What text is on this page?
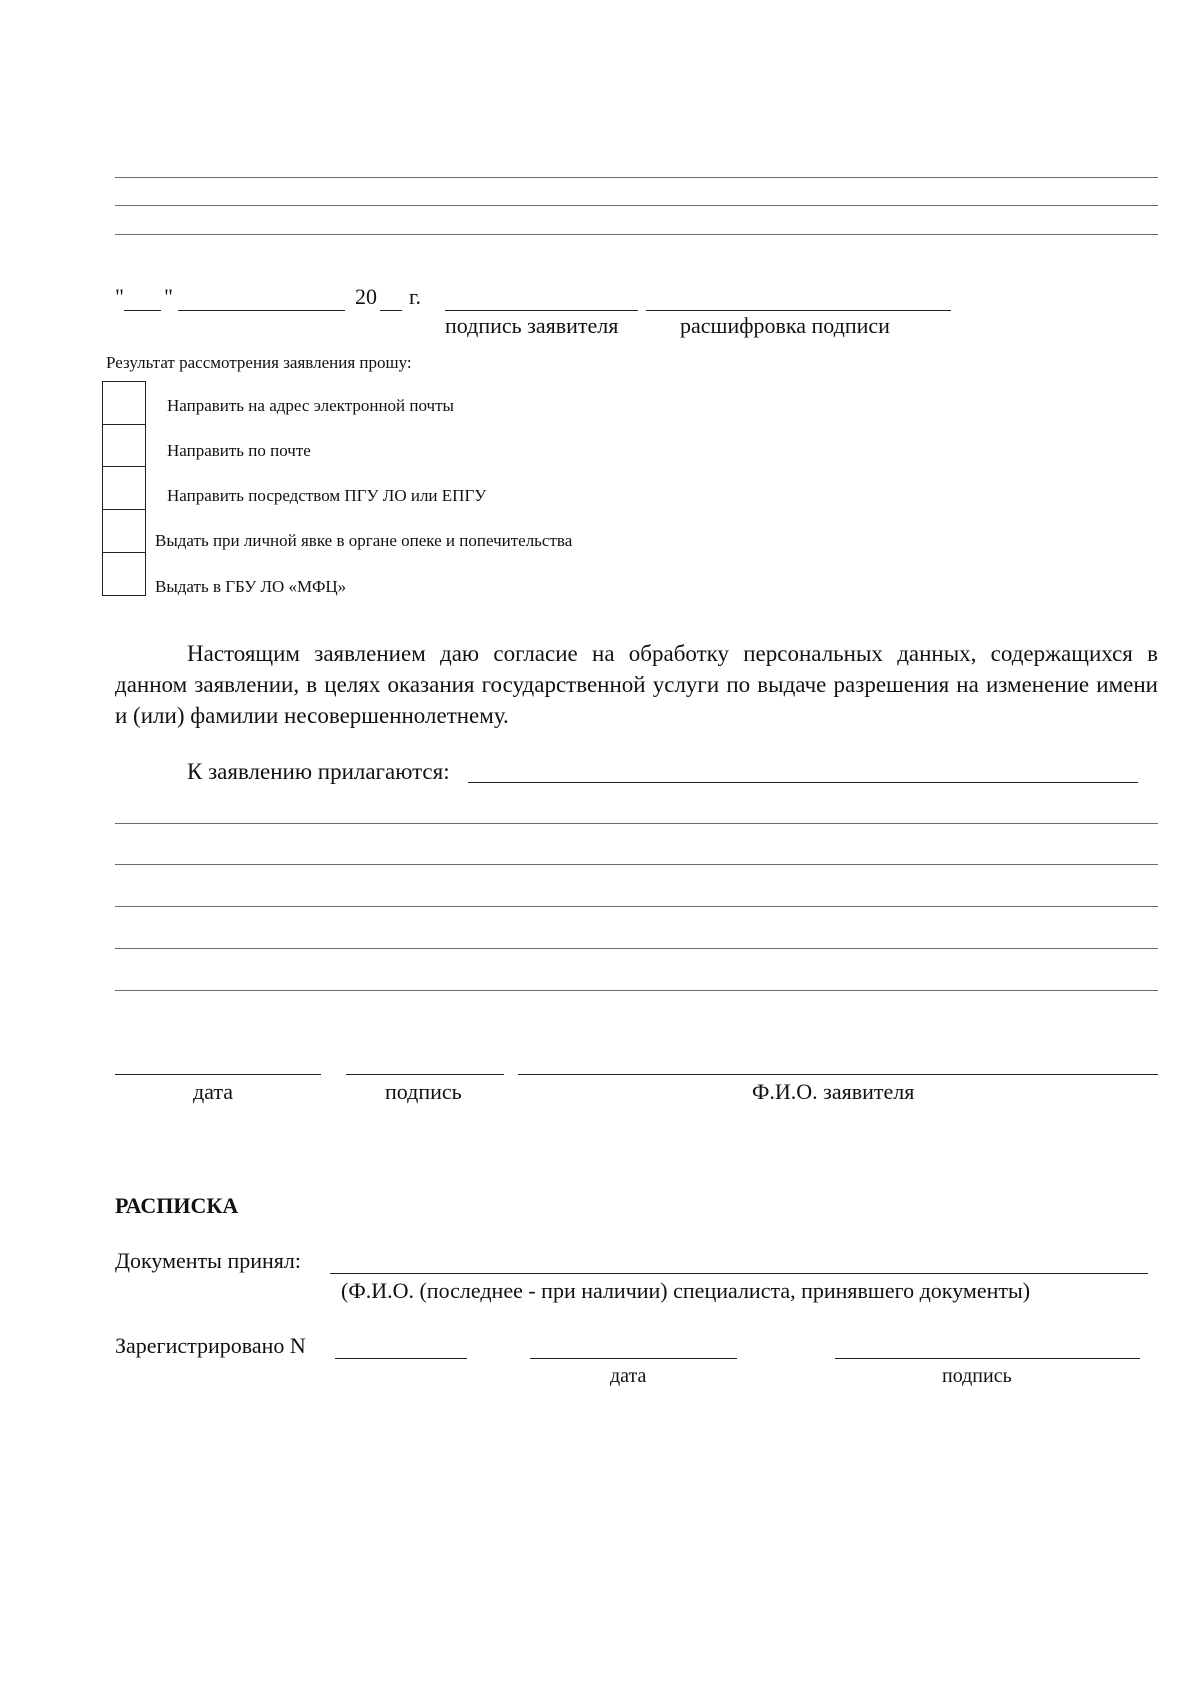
" "	20 г.
подпись заявителя	расшифровка подписи
Результат рассмотрения заявления прошу:
Направить на адрес электронной почты
Направить по почте
Направить посредством ПГУ ЛО или ЕПГУ
Выдать при личной явке в органе опеке и попечительства
Выдать в ГБУ ЛО «МФЦ»

Настоящим заявлением даю согласие на обработку персональных данных, содержащихся в данном заявлении, в целях оказания государственной услуги по выдаче разрешения на изменение имени и (или) фамилии несовершеннолетнему.

К заявлению прилагаются:
дата	подпись	Ф.И.О. заявителя
РАСПИСКА
Документы принял:
(Ф.И.О. (последнее - при наличии) специалиста, принявшего документы)
Зарегистрировано N
дата	подпись
